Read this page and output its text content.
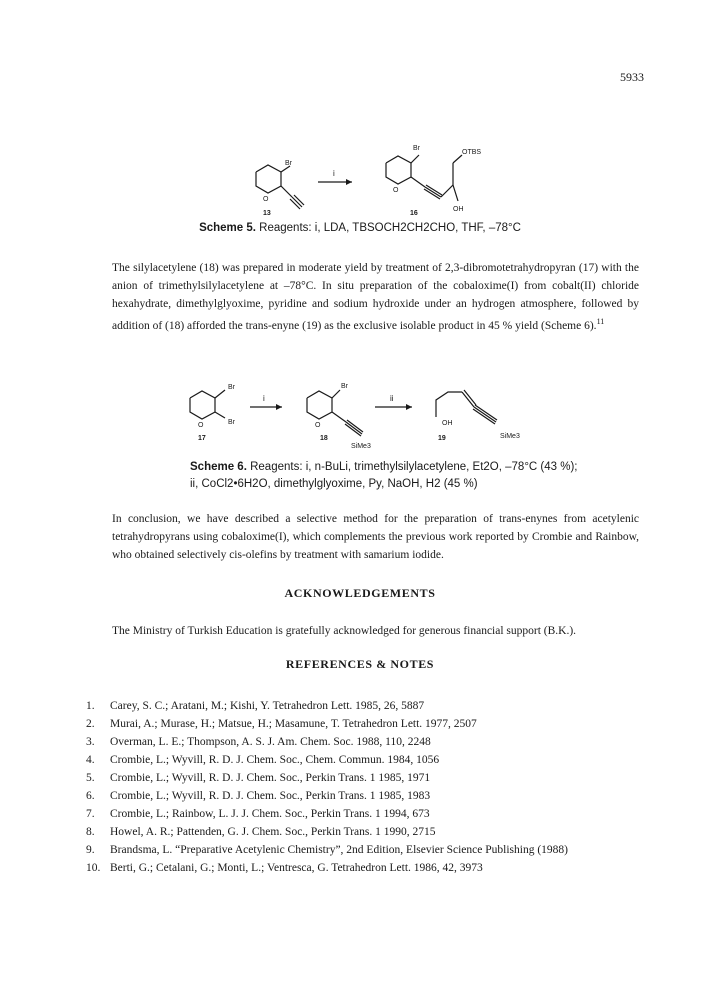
5933
Br
O
13
i
Br
O
OTBS
OH
16
Scheme 5. Reagents: i, LDA, TBSOCH2CH2CHO, THF, –78°C

The silylacetylene (18) was prepared in moderate yield by treatment of 2,3-dibromotetrahydropyran (17) with the anion of trimethylsilylacetylene at –78°C. In situ preparation of the cobaloxime(I) from cobalt(II) chloride hexahydrate, dimethylglyoxime, pyridine and sodium hydroxide under an hydrogen atmosphere, followed by addition of (18) afforded the trans-enyne (19) as the exclusive isolable product in 45 % yield (Scheme 6).$^{11}$

Br
Br
O
17
i
Br
O
SiMe3
18
ii
OH
SiMe3
19
Scheme 6. Reagents: i, n-BuLi, trimethylsilylacetylene, Et2O, –78°C (43 %);
ii, CoCl2•6H2O, dimethylglyoxime, Py, NaOH, H2 (45 %)

In conclusion, we have described a selective method for the preparation of trans-enynes from acetylenic tetrahydropyrans using cobaloxime(I), which complements the previous work reported by Crombie and Rainbow, who obtained selectively cis-olefins by treatment with samarium iodide.

ACKNOWLEDGEMENTS

The Ministry of Turkish Education is gratefully acknowledged for generous financial support (B.K.).

REFERENCES & NOTES
1. Carey, S. C.; Aratani, M.; Kishi, Y. Tetrahedron Lett. 1985, 26, 5887
2. Murai, A.; Murase, H.; Matsue, H.; Masamune, T. Tetrahedron Lett. 1977, 2507
3. Overman, L. E.; Thompson, A. S. J. Am. Chem. Soc. 1988, 110, 2248
4. Crombie, L.; Wyvill, R. D. J. Chem. Soc., Chem. Commun. 1984, 1056
5. Crombie, L.; Wyvill, R. D. J. Chem. Soc., Perkin Trans. 1 1985, 1971
6. Crombie, L.; Wyvill, R. D. J. Chem. Soc., Perkin Trans. 1 1985, 1983
7. Crombie, L.; Rainbow, L. J. J. Chem. Soc., Perkin Trans. 1 1994, 673
8. Howel, A. R.; Pattenden, G. J. Chem. Soc., Perkin Trans. 1 1990, 2715
9. Brandsma, L. “Preparative Acetylenic Chemistry”, 2nd Edition, Elsevier Science Publishing (1988)
10. Berti, G.; Cetalani, G.; Monti, L.; Ventresca, G. Tetrahedron Lett. 1986, 42, 3973
